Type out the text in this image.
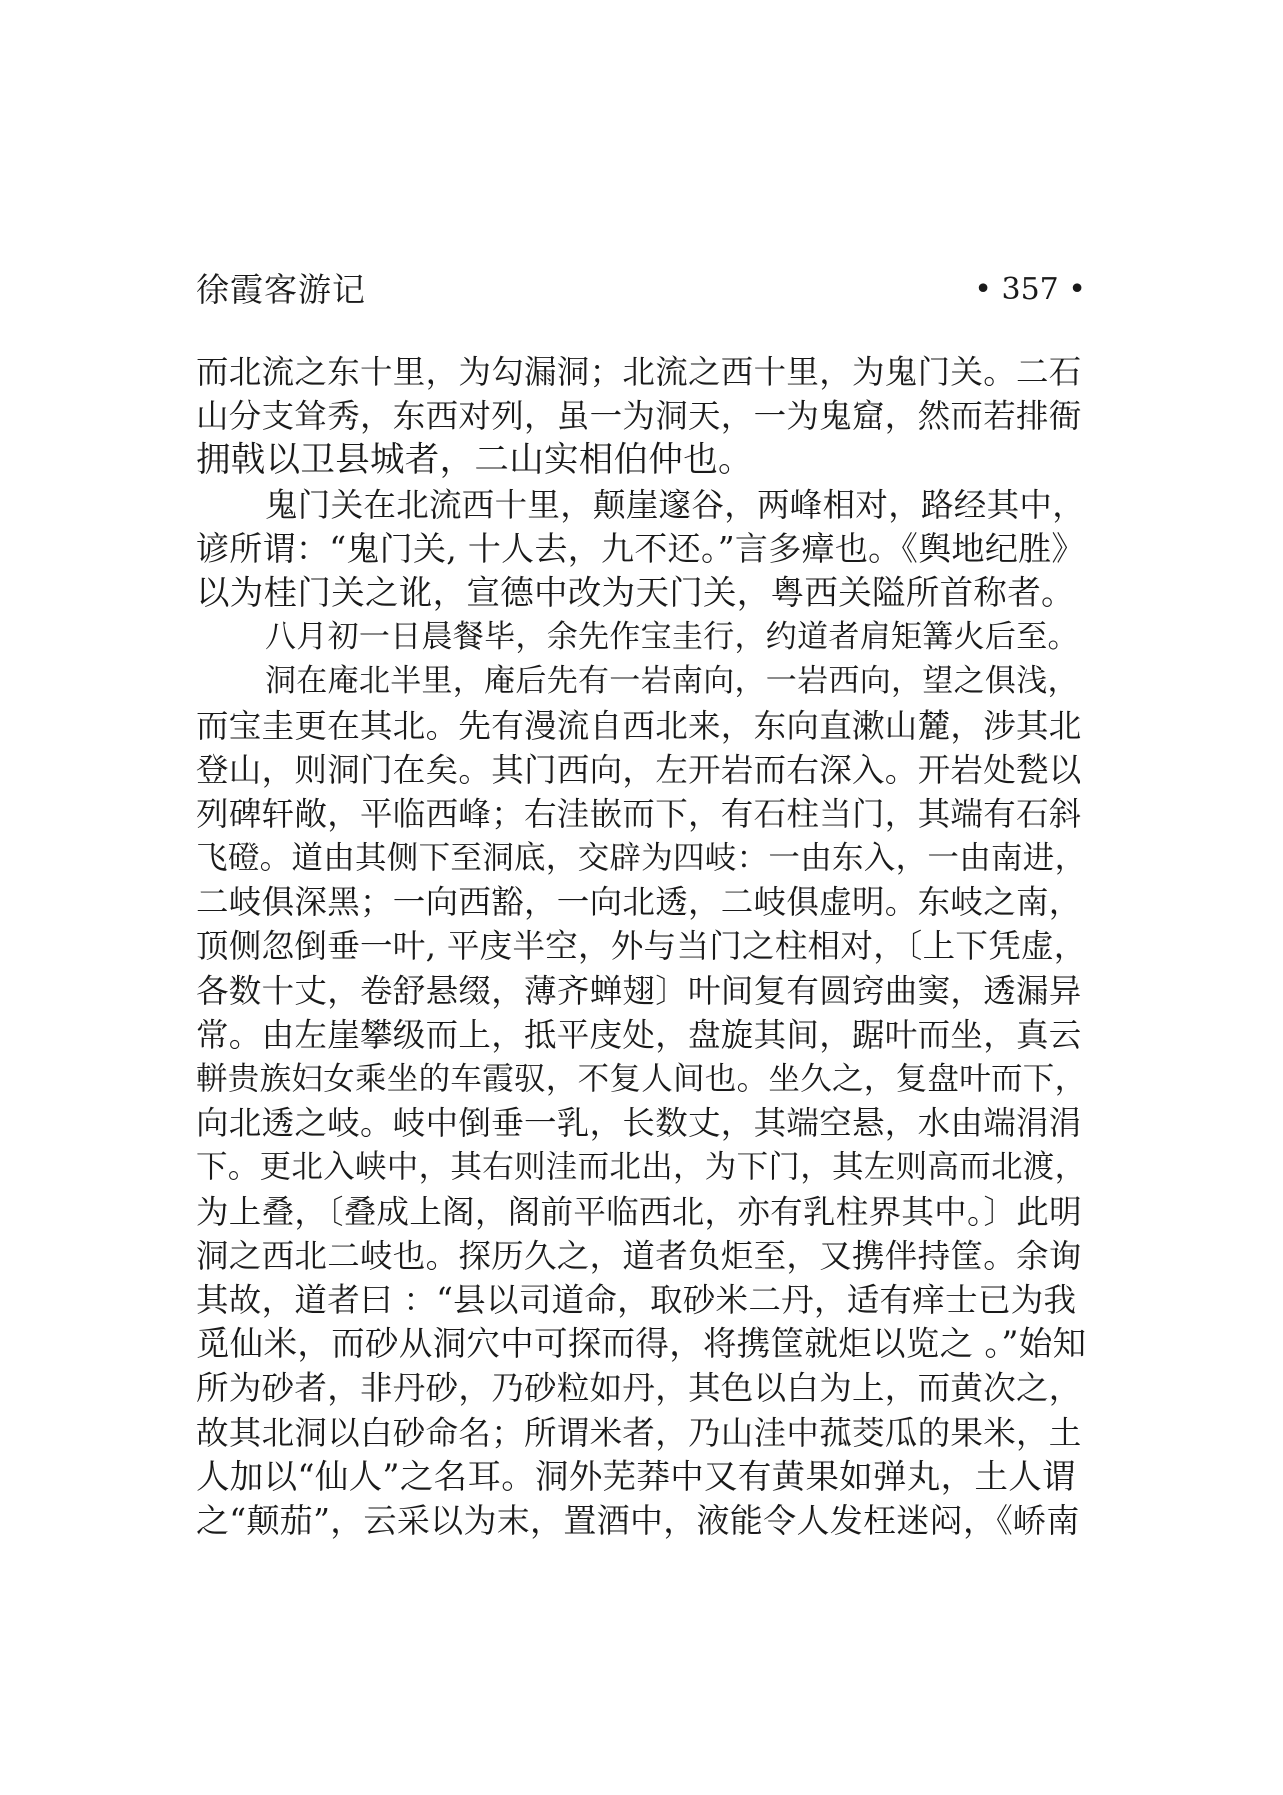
徐霞客游记	• 357 •
而北流之东十里，为勾漏洞；北流之西十里，为鬼门关。二石
山分支耸秀，东西对列，虽一为洞天，一为鬼窟，然而若排衙
拥戟以卫县城者，二山实相伯仲也。
鬼门关在北流西十里，颠崖邃谷，两峰相对，路经其中，
谚所谓：“鬼门关, 十人去，九不还。”言多瘴也。《舆地纪胜》
以为桂门关之讹，宣德中改为天门关，粤西关隘所首称者。
八月初一日晨餐毕，余先作宝圭行，约道者肩矩篝火后至。
洞在庵北半里，庵后先有一岩南向，一岩西向，望之俱浅，
而宝圭更在其北。先有漫流自西北来，东向直漱山麓，涉其北
登山，则洞门在矣。其门西向，左开岩而右深入。开岩处甃以
列碑轩敞，平临西峰；右洼嵌而下，有石柱当门，其端有石斜
飞磴。道由其侧下至洞底，交辟为四岐：一由东入，一由南进，
二岐俱深黑；一向西豁，一向北透，二岐俱虚明。东岐之南，
顶侧忽倒垂一叶, 平庋半空，外与当门之柱相对，〔上下凭虚，
各数十丈，卷舒悬缀，薄齐蝉翅〕叶间复有圆窍曲窦，透漏异
常。由左崖攀级而上，抵平庋处，盘旋其间，踞叶而坐，真云
軿贵族妇女乘坐的车霞驭，不复人间也。坐久之，复盘叶而下，
向北透之岐。岐中倒垂一乳，长数丈，其端空悬，水由端涓涓
下。更北入峡中，其右则洼而北出，为下门，其左则高而北渡，
为上叠，〔叠成上阁，阁前平临西北，亦有乳柱界其中。〕此明
洞之西北二岐也。探历久之，道者负炬至，又携伴持筐。余询
其故，道者曰 ：“县以司道命，取砂米二丹，适有痒士已为我
觅仙米，而砂从洞穴中可探而得，将携筐就炬以览之 。”始知
所为砂者，非丹砂，乃砂粒如丹，其色以白为上，而黄次之，
故其北洞以白砂命名；所谓米者，乃山洼中菰茭瓜的果米，土
人加以“仙人”之名耳。洞外芜莽中又有黄果如弹丸，土人谓
之“颠茄”，云采以为末，置酒中，液能令人发枉迷闷，《峤南
